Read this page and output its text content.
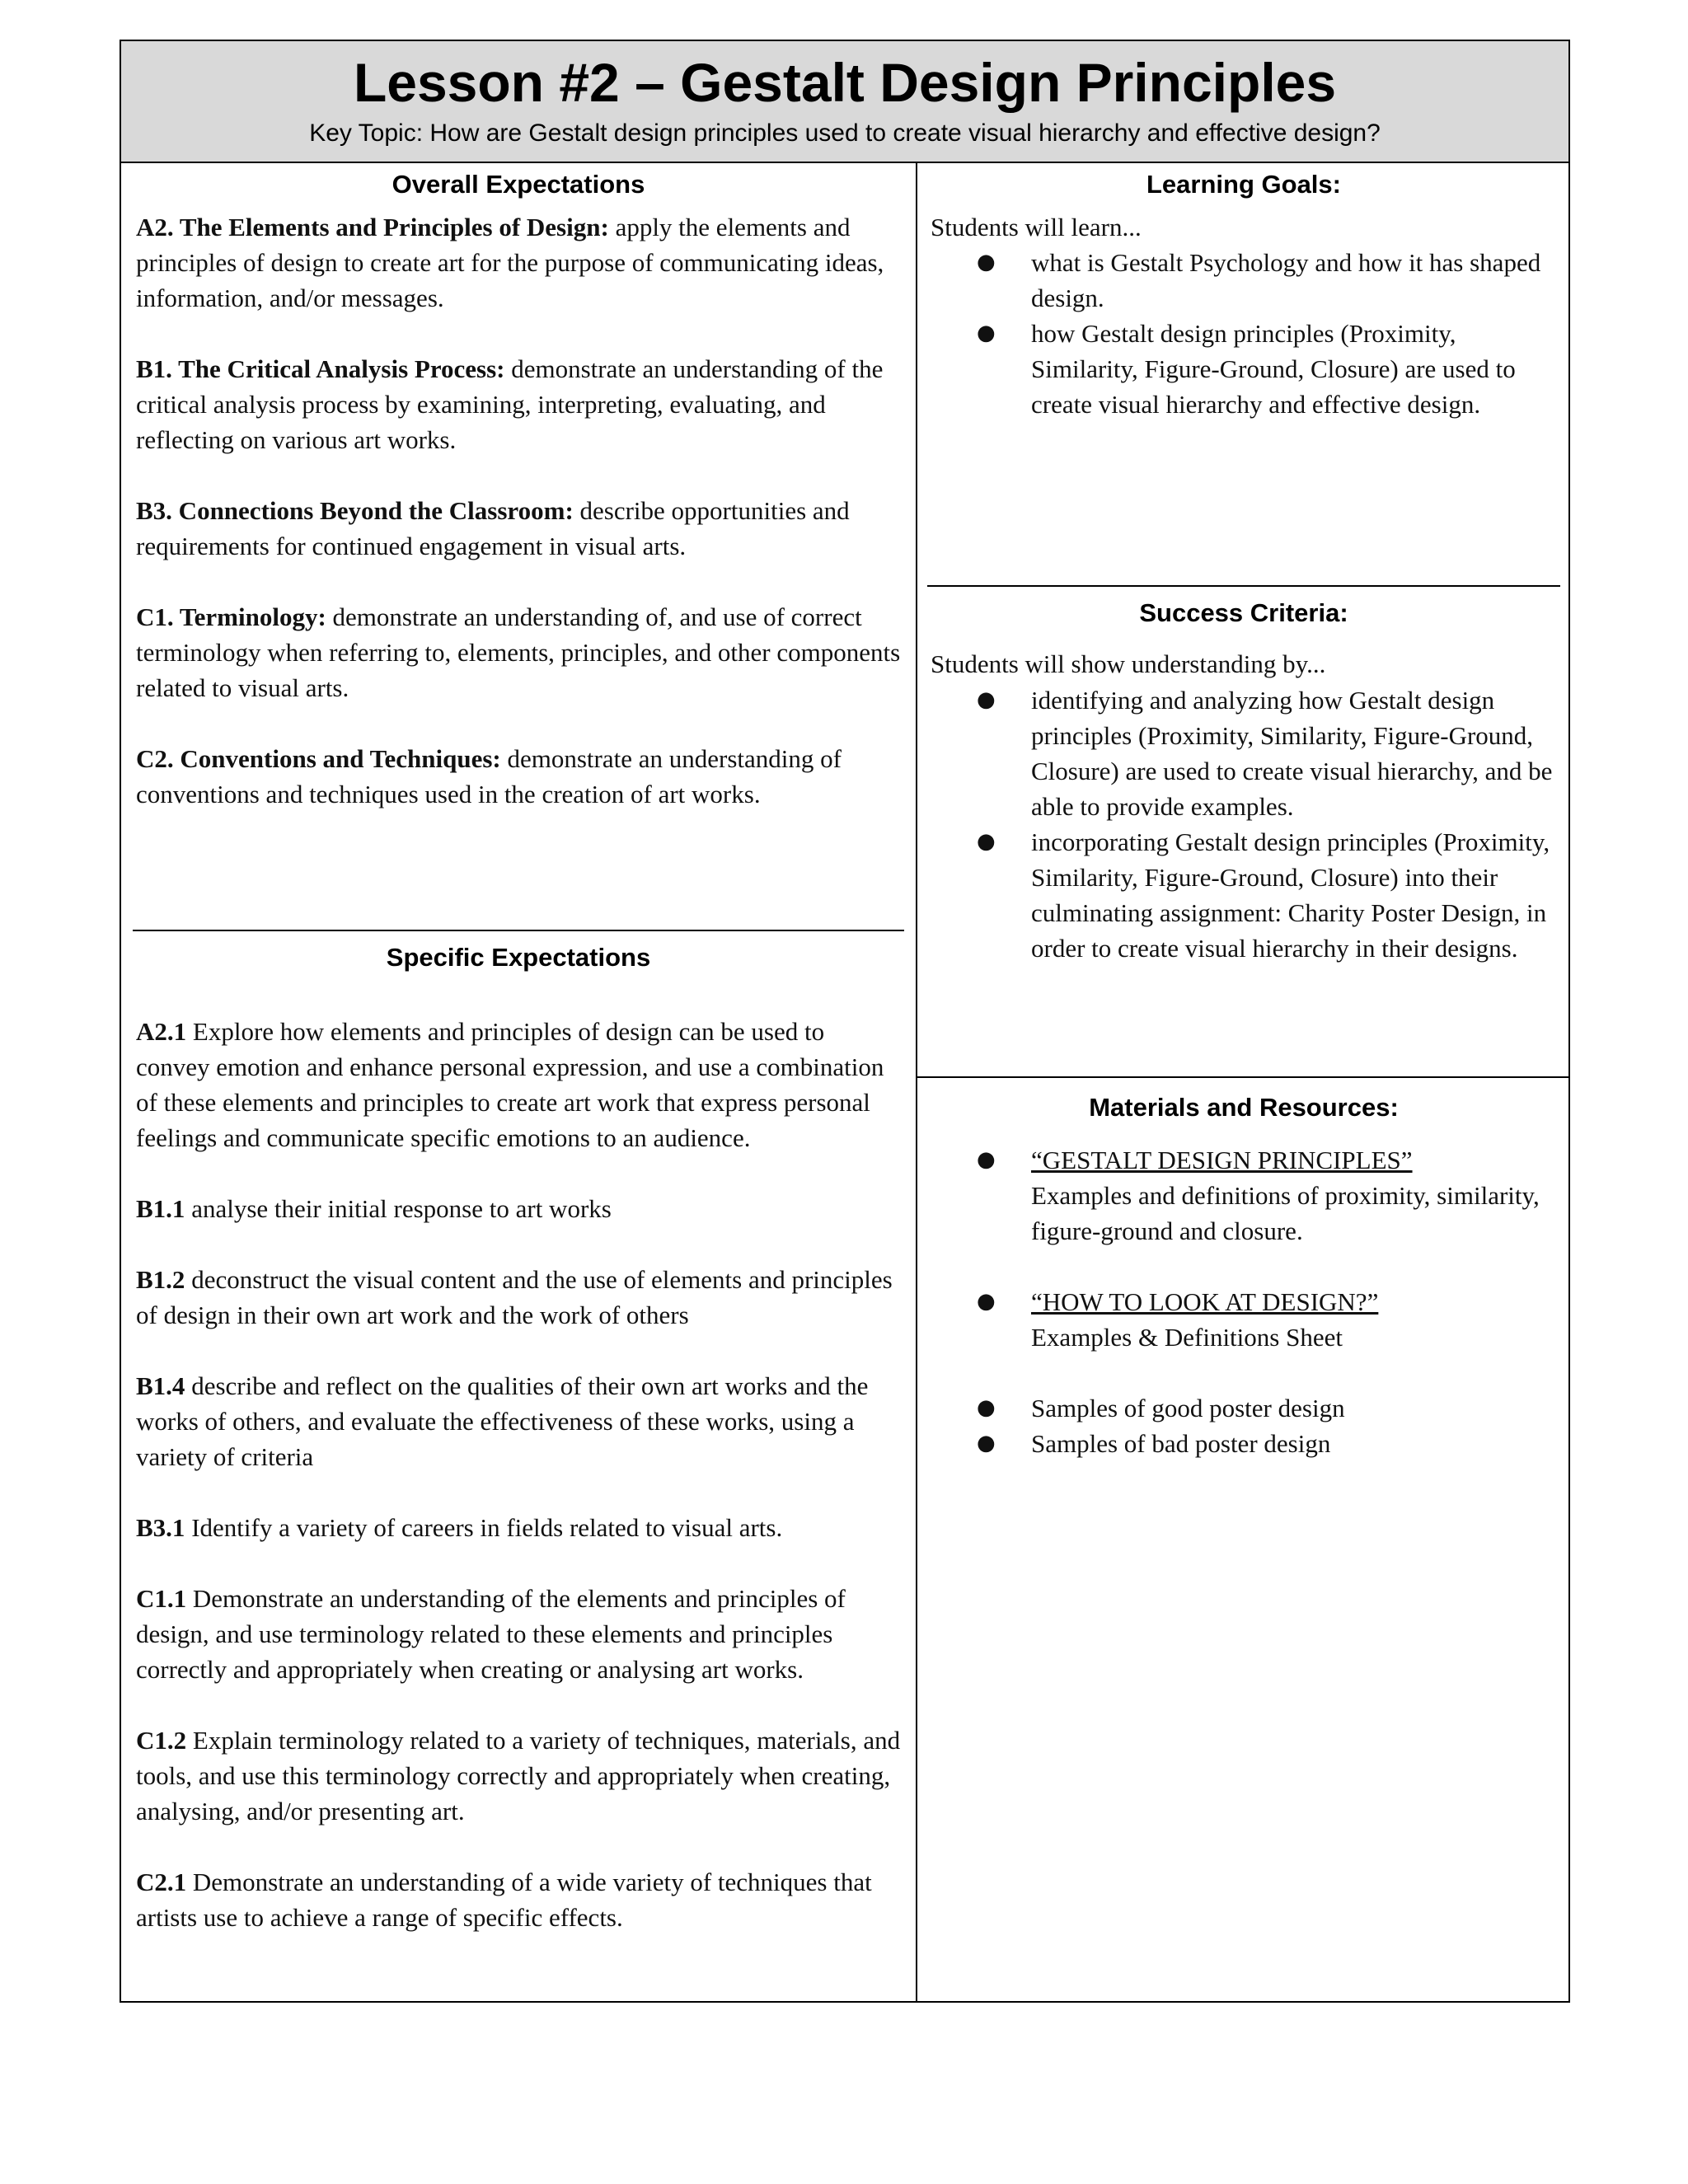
Lesson #2 – Gestalt Design Principles
Key Topic: How are Gestalt design principles used to create visual hierarchy and effective design?
Overall Expectations

A2. The Elements and Principles of Design: apply the elements and principles of design to create art for the purpose of communicating ideas, information, and/or messages.

B1. The Critical Analysis Process: demonstrate an understanding of the critical analysis process by examining, interpreting, evaluating, and reflecting on various art works.

B3. Connections Beyond the Classroom: describe opportunities and requirements for continued engagement in visual arts.

C1. Terminology: demonstrate an understanding of, and use of correct terminology when referring to, elements, principles, and other components related to visual arts.

C2. Conventions and Techniques: demonstrate an understanding of conventions and techniques used in the creation of art works.

Specific Expectations

A2.1 Explore how elements and principles of design can be used to convey emotion and enhance personal expression, and use a combination of these elements and principles to create art work that express personal feelings and communicate specific emotions to an audience.

B1.1 analyse their initial response to art works

B1.2 deconstruct the visual content and the use of elements and principles of design in their own art work and the work of others

B1.4 describe and reflect on the qualities of their own art works and the works of others, and evaluate the effectiveness of these works, using a variety of criteria

B3.1 Identify a variety of careers in fields related to visual arts.

C1.1 Demonstrate an understanding of the elements and principles of design, and use terminology related to these elements and principles correctly and appropriately when creating or analysing art works.

C1.2 Explain terminology related to a variety of techniques, materials, and tools, and use this terminology correctly and appropriately when creating, analysing, and/or presenting art.

C2.1 Demonstrate an understanding of a wide variety of techniques that artists use to achieve a range of specific effects.

Learning Goals:
Students will learn...
● what is Gestalt Psychology and how it has shaped design.
● how Gestalt design principles (Proximity, Similarity, Figure-Ground, Closure) are used to create visual hierarchy and effective design.
Success Criteria:
Students will show understanding by...
● identifying and analyzing how Gestalt design principles (Proximity, Similarity, Figure-Ground, Closure) are used to create visual hierarchy, and be able to provide examples.
● incorporating Gestalt design principles (Proximity, Similarity, Figure-Ground, Closure) into their culminating assignment: Charity Poster Design, in order to create visual hierarchy in their designs.
Materials and Resources:
● “GESTALT DESIGN PRINCIPLES”
Examples and definitions of proximity, similarity, figure-ground and closure.
● “HOW TO LOOK AT DESIGN?”
Examples & Definitions Sheet
● Samples of good poster design
● Samples of bad poster design
